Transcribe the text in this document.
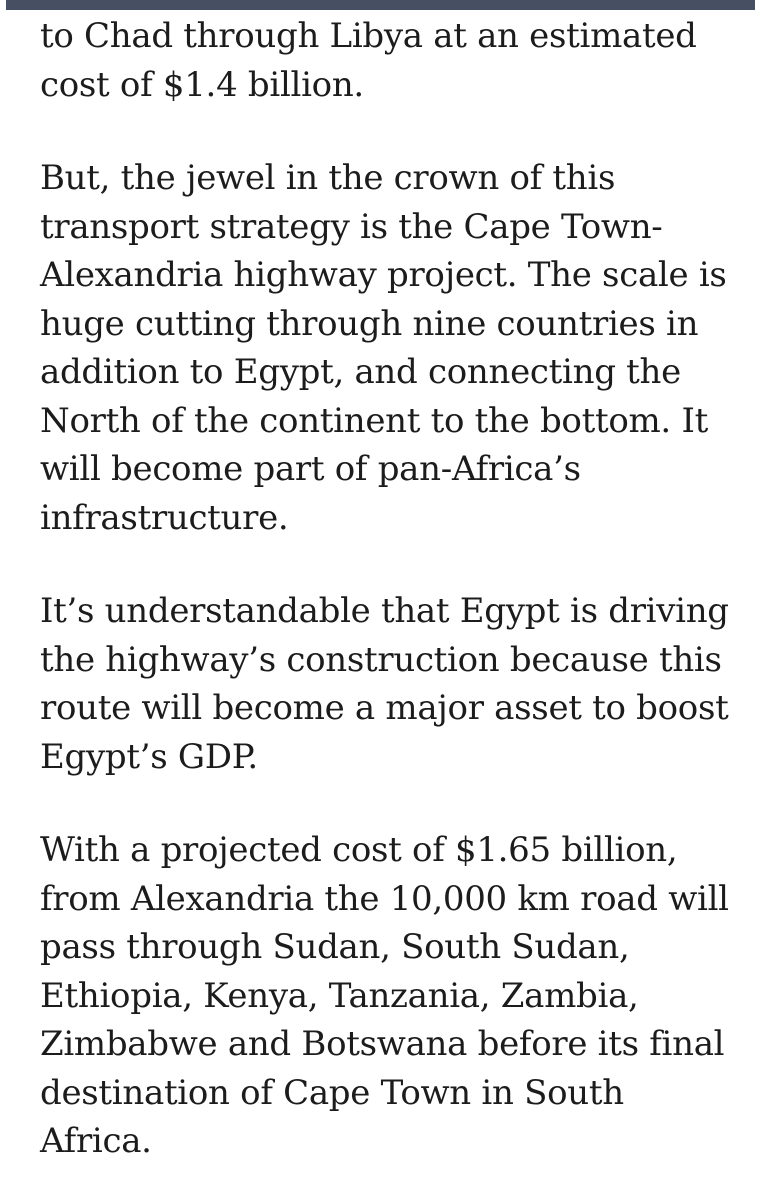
to Chad through Libya at an estimated cost of $1.4 billion.

But, the jewel in the crown of this transport strategy is the Cape Town-Alexandria highway project. The scale is huge cutting through nine countries in addition to Egypt, and connecting the North of the continent to the bottom. It will become part of pan-Africa’s infrastructure.

It’s understandable that Egypt is driving the highway’s construction because this route will become a major asset to boost Egypt’s GDP.

With a projected cost of $1.65 billion, from Alexandria the 10,000 km road will pass through Sudan, South Sudan, Ethiopia, Kenya, Tanzania, Zambia, Zimbabwe and Botswana before its final destination of Cape Town in South Africa.
